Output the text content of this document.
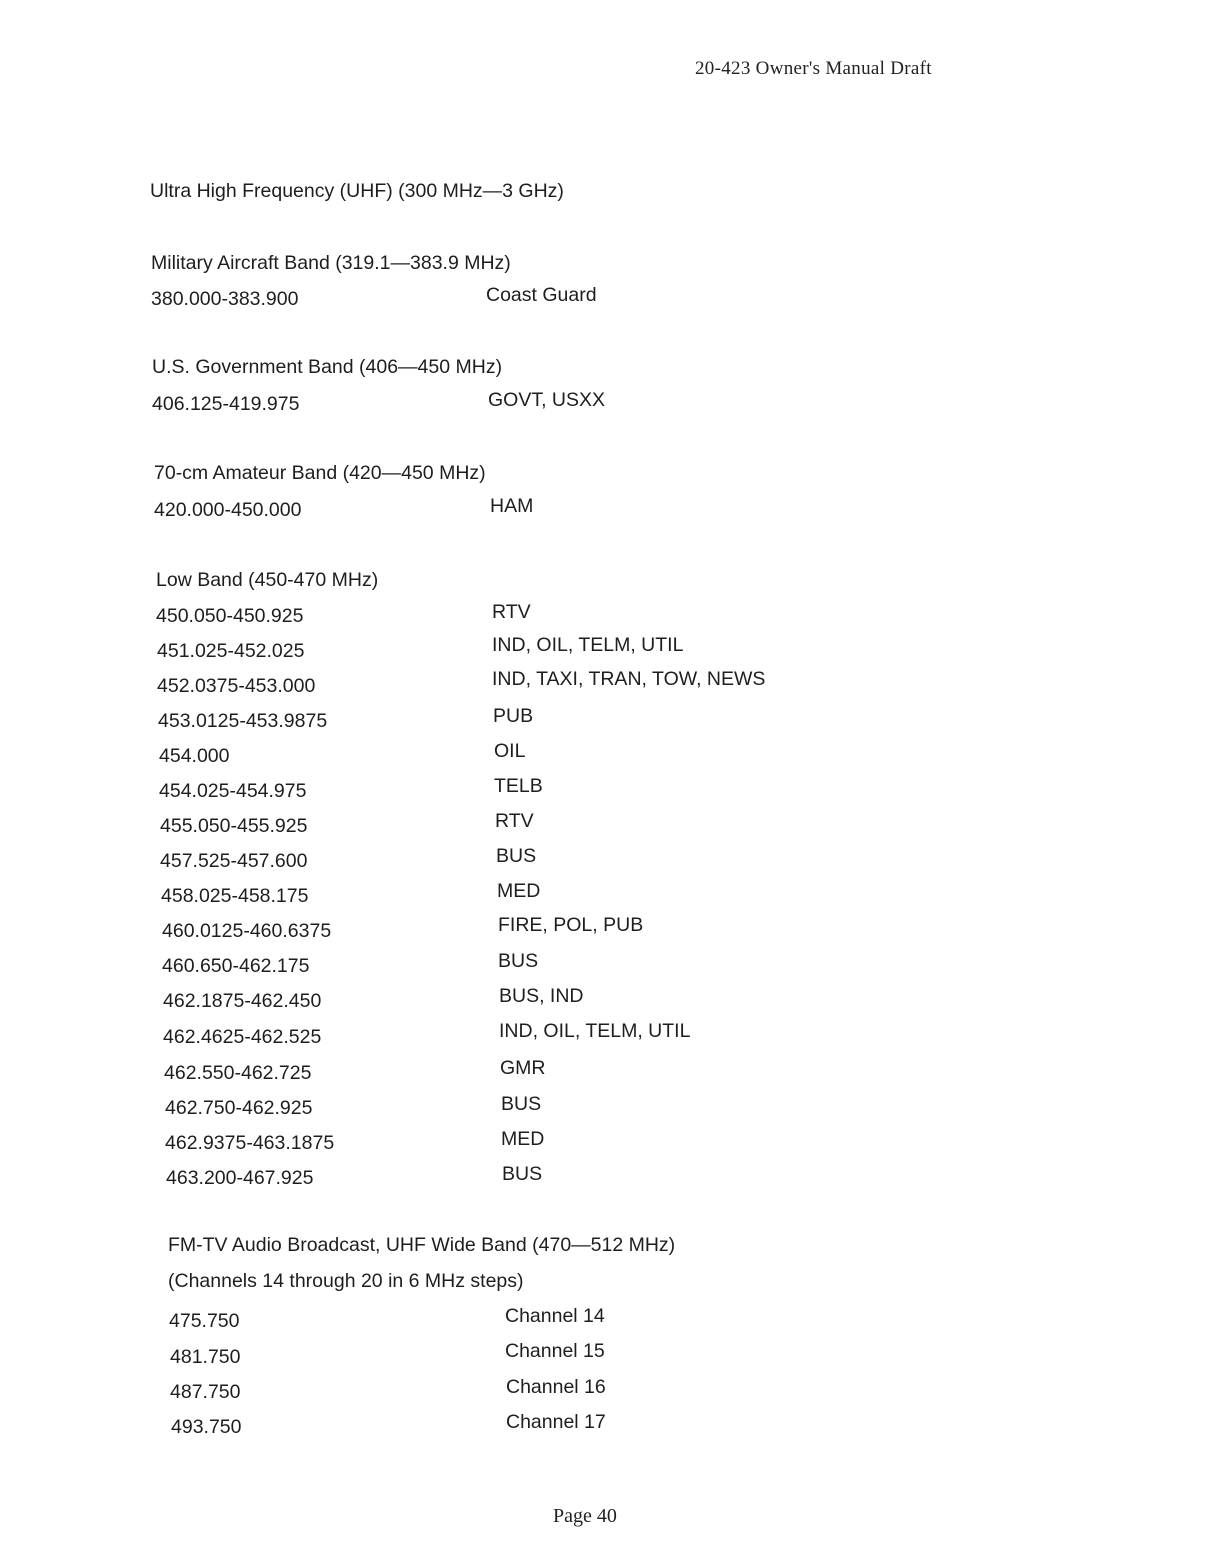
20-423 Owner's Manual Draft
Ultra High Frequency (UHF) (300 MHz—3 GHz)
Military Aircraft Band (319.1—383.9 MHz)
380.000-383.900	Coast Guard
U.S. Government Band (406—450 MHz)
406.125-419.975	GOVT, USXX
70-cm Amateur Band (420—450 MHz)
420.000-450.000	HAM
Low Band (450-470 MHz)
450.050-450.925	RTV
451.025-452.025	IND, OIL, TELM, UTIL
452.0375-453.000	IND, TAXI, TRAN, TOW, NEWS
453.0125-453.9875	PUB
454.000	OIL
454.025-454.975	TELB
455.050-455.925	RTV
457.525-457.600	BUS
458.025-458.175	MED
460.0125-460.6375	FIRE, POL, PUB
460.650-462.175	BUS
462.1875-462.450	BUS, IND
462.4625-462.525	IND, OIL, TELM, UTIL
462.550-462.725	GMR
462.750-462.925	BUS
462.9375-463.1875	MED
463.200-467.925	BUS
FM-TV Audio Broadcast, UHF Wide Band (470—512 MHz)
(Channels 14 through 20 in 6 MHz steps)
475.750	Channel 14
481.750	Channel 15
487.750	Channel 16
493.750	Channel 17
Page 40
